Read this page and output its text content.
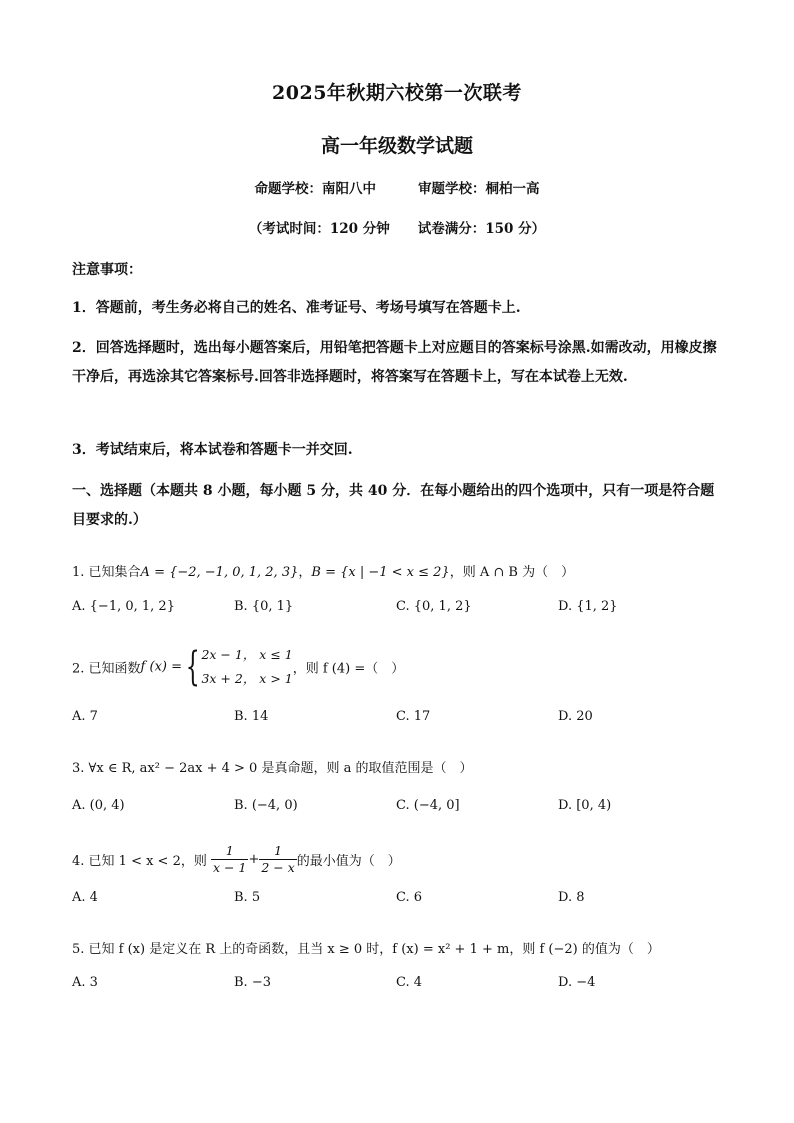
2025年秋期六校第一次联考
高一年级数学试题
命题学校：南阳八中	审题学校：桐柏一高
（考试时间：120 分钟 试卷满分：150 分）
注意事项：
1．答题前，考生务必将自己的姓名、准考证号、考场号填写在答题卡上.
2．回答选择题时，选出每小题答案后，用铅笔把答题卡上对应题目的答案标号涂黑.如需改动，用橡皮擦干净后，再选涂其它答案标号.回答非选择题时，将答案写在答题卡上，写在本试卷上无效.
3．考试结束后，将本试卷和答题卡一并交回.
一、选择题（本题共 8 小题，每小题 5 分，共 40 分．在每小题给出的四个选项中，只有一项是符合题目要求的.）
1. 已知集合A = {−2, −1, 0, 1, 2, 3}，B = {x | −1 < x ≤ 2}，则 A ∩ B 为（　）
A. {−1, 0, 1, 2}	B. {0, 1}	C. {0, 1, 2}	D. {1, 2}
2. 已知函数f (x) ={ 2x − 1， x ≤ 1
3x + 2， x > 1
，则 f (4) =（　）
A. 7	B. 14	C. 17	D. 20
3. ∀x ∈ R, ax² − 2ax + 4 > 0 是真命题，则 a 的取值范围是（　）
A. (0, 4)	B. (−4, 0)	C. (−4, 0]	D. [0, 4)
4. 已知 1 < x < 2，则 $\frac{1}{x - 1} + \frac{1}{2 - x}$ 的最小值为（　）
A. 4	B. 5	C. 6	D. 8
5. 已知 f (x) 是定义在 R 上的奇函数，且当 x ≥ 0 时，f (x) = x² + 1 + m，则 f (−2) 的值为（　）
A. 3	B. −3	C. 4	D. −4
